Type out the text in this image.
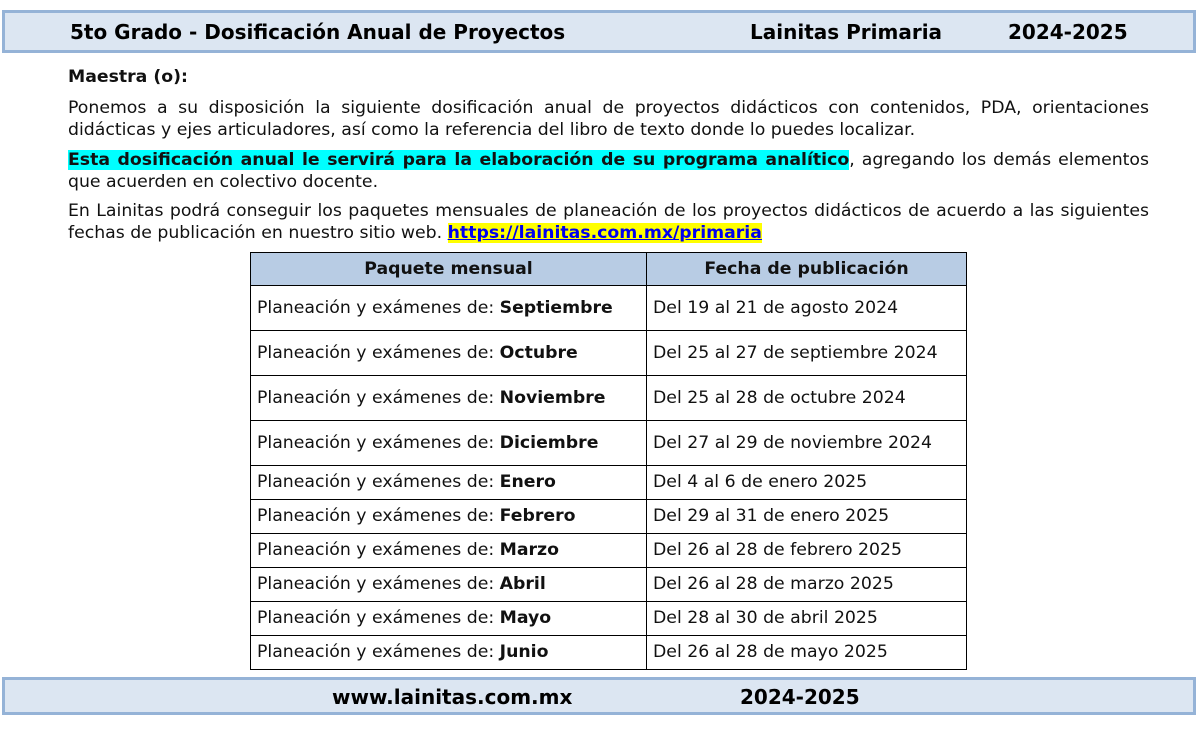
5to Grado - Dosificación Anual de Proyectos	Lainitas Primaria	2024-2025
Maestra (o):

Ponemos a su disposición la siguiente dosificación anual de proyectos didácticos con contenidos, PDA, orientaciones didácticas y ejes articuladores, así como la referencia del libro de texto donde lo puedes localizar.

Esta dosificación anual le servirá para la elaboración de su programa analítico, agregando los demás elementos que acuerden en colectivo docente.

En Lainitas podrá conseguir los paquetes mensuales de planeación de los proyectos didácticos de acuerdo a las siguientes fechas de publicación en nuestro sitio web. https://lainitas.com.mx/primaria

Paquete mensual	Fecha de publicación
Planeación y exámenes de: Septiembre	Del 19 al 21 de agosto 2024
Planeación y exámenes de: Octubre	Del 25 al 27 de septiembre 2024
Planeación y exámenes de: Noviembre	Del 25 al 28 de octubre 2024
Planeación y exámenes de: Diciembre	Del 27 al 29 de noviembre 2024
Planeación y exámenes de: Enero	Del 4 al 6 de enero 2025
Planeación y exámenes de: Febrero	Del 29 al 31 de enero 2025
Planeación y exámenes de: Marzo	Del 26 al 28 de febrero 2025
Planeación y exámenes de: Abril	Del 26 al 28 de marzo 2025
Planeación y exámenes de: Mayo	Del 28 al 30 de abril 2025
Planeación y exámenes de: Junio	Del 26 al 28 de mayo 2025
www.lainitas.com.mx	2024-2025
